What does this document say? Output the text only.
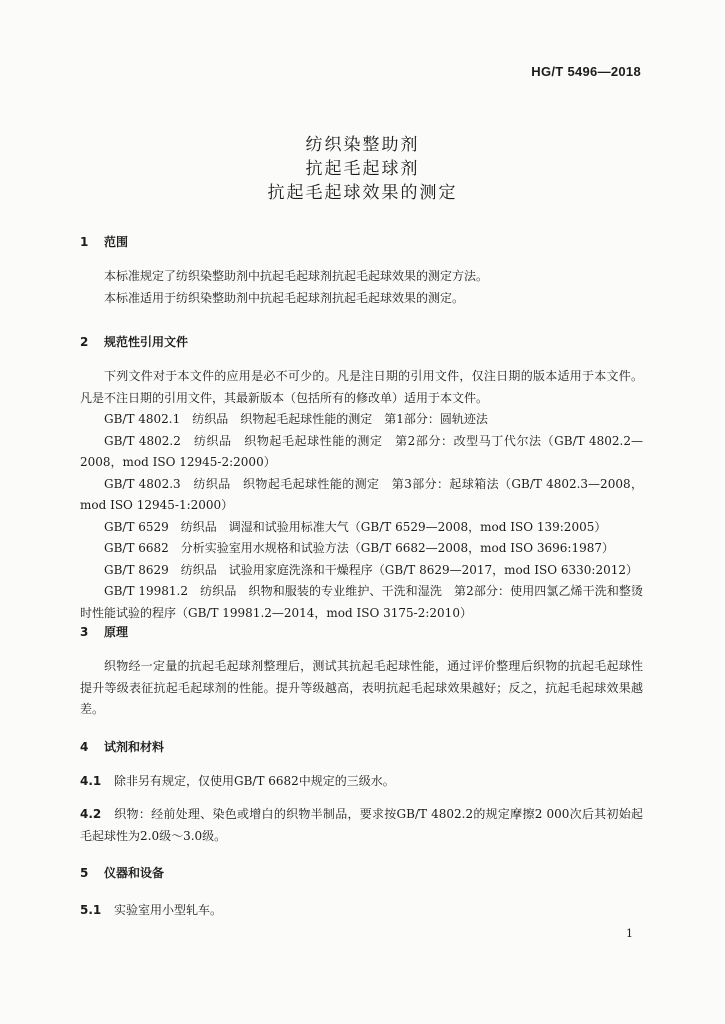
HG/T 5496—2018
纺织染整助剂
抗起毛起球剂
抗起毛起球效果的测定
1 范围

本标准规定了纺织染整助剂中抗起毛起球剂抗起毛起球效果的测定方法。

本标准适用于纺织染整助剂中抗起毛起球剂抗起毛起球效果的测定。

2 规范性引用文件

下列文件对于本文件的应用是必不可少的。凡是注日期的引用文件，仅注日期的版本适用于本文件。凡是不注日期的引用文件，其最新版本（包括所有的修改单）适用于本文件。

GB/T 4802.1　纺织品　织物起毛起球性能的测定　第1部分：圆轨迹法

GB/T 4802.2　纺织品　织物起毛起球性能的测定　第2部分：改型马丁代尔法（GB/T 4802.2—2008，mod ISO 12945-2:2000）

GB/T 4802.3　纺织品　织物起毛起球性能的测定　第3部分：起球箱法（GB/T 4802.3—2008，mod ISO 12945-1:2000）

GB/T 6529　纺织品　调湿和试验用标准大气（GB/T 6529—2008，mod ISO 139:2005）

GB/T 6682　分析实验室用水规格和试验方法（GB/T 6682—2008，mod ISO 3696:1987）

GB/T 8629　纺织品　试验用家庭洗涤和干燥程序（GB/T 8629—2017，mod ISO 6330:2012）

GB/T 19981.2　纺织品　织物和服装的专业维护、干洗和湿洗　第2部分：使用四氯乙烯干洗和整烫时性能试验的程序（GB/T 19981.2—2014，mod ISO 3175-2:2010）

3 原理

织物经一定量的抗起毛起球剂整理后，测试其抗起毛起球性能，通过评价整理后织物的抗起毛起球性提升等级表征抗起毛起球剂的性能。提升等级越高，表明抗起毛起球效果越好；反之，抗起毛起球效果越差。

4 试剂和材料

4.1 除非另有规定，仅使用GB/T 6682中规定的三级水。

4.2 织物：经前处理、染色或增白的织物半制品，要求按GB/T 4802.2的规定摩擦2 000次后其初始起毛起球性为2.0级～3.0级。

5 仪器和设备

5.1 实验室用小型轧车。

1
